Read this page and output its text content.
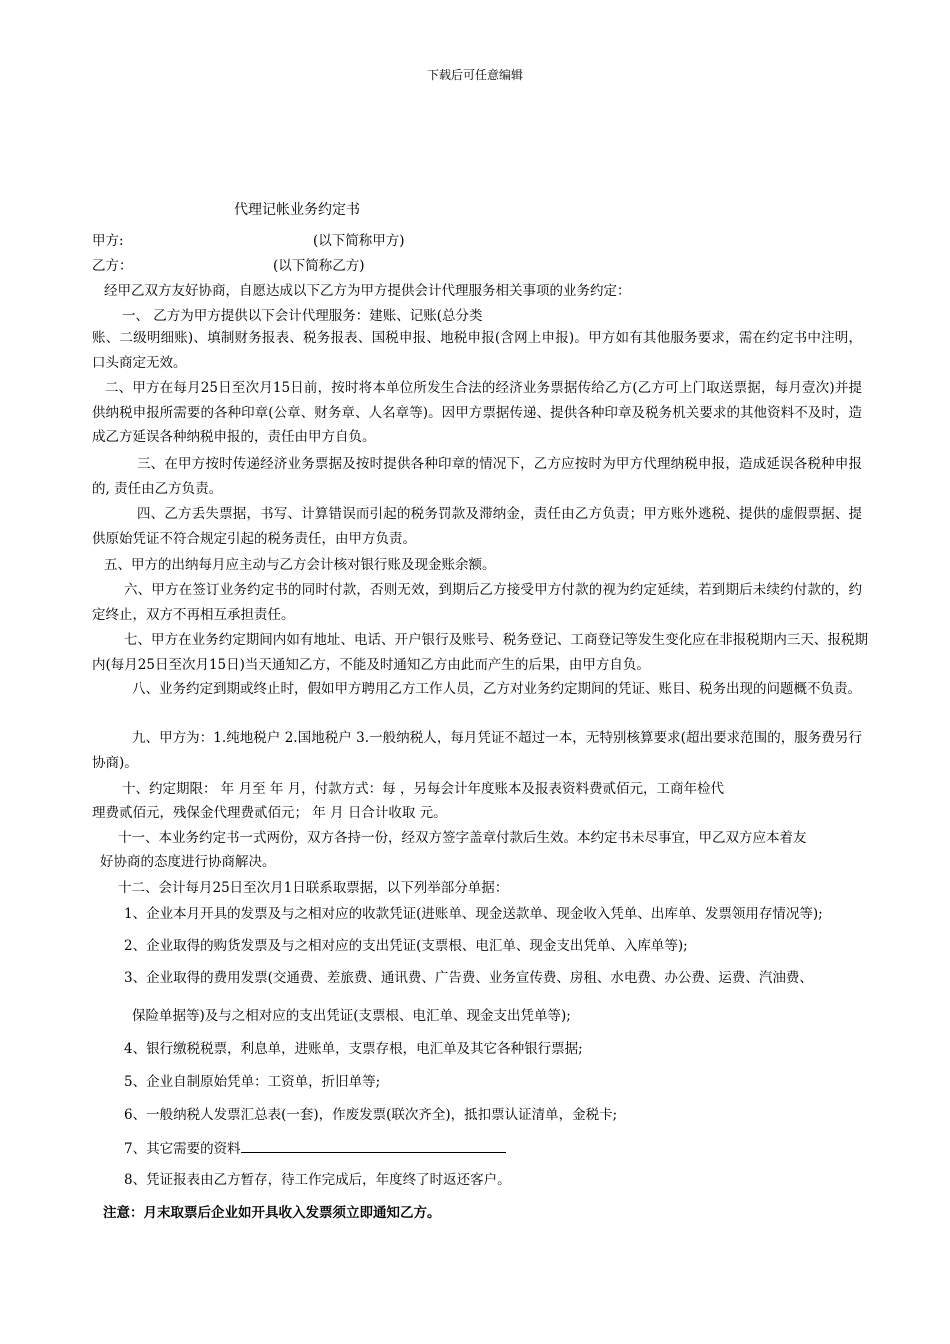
下载后可任意编辑
代理记帐业务约定书
甲方:	(以下简称甲方)
乙方：	(以下简称乙方)
经甲乙双方友好协商，自愿达成以下乙方为甲方提供会计代理服务相关事项的业务约定：
一、 乙方为甲方提供以下会计代理服务：建账、记账(总分类
账、二级明细账)、填制财务报表、税务报表、国税申报、地税申报(含网上申报)。甲方如有其他服务要求，需在约定书中注明，口头商定无效。
二、甲方在每月25日至次月15日前，按时将本单位所发生合法的经济业务票据传给乙方(乙方可上门取送票据，每月壹次)并提供纳税申报所需要的各种印章(公章、财务章、人名章等)。因甲方票据传递、提供各种印章及税务机关要求的其他资料不及时，造成乙方延误各种纳税申报的，责任由甲方自负。
三、在甲方按时传递经济业务票据及按时提供各种印章的情况下，乙方应按时为甲方代理纳税申报，造成延误各税种申报的, 责任由乙方负责。
四、乙方丢失票据，书写、计算错误而引起的税务罚款及滞纳金，责任由乙方负责；甲方账外逃税、提供的虚假票据、提供原始凭证不符合规定引起的税务责任，由甲方负责。
五、甲方的出纳每月应主动与乙方会计核对银行账及现金账余额。
六、甲方在签订业务约定书的同时付款，否则无效，到期后乙方接受甲方付款的视为约定延续，若到期后未续约付款的，约定终止，双方不再相互承担责任。
七、甲方在业务约定期间内如有地址、电话、开户银行及账号、税务登记、工商登记等发生变化应在非报税期内三天、报税期内(每月25日至次月15日)当天通知乙方，不能及时通知乙方由此而产生的后果，由甲方自负。
八、业务约定到期或终止时，假如甲方聘用乙方工作人员，乙方对业务约定期间的凭证、账目、税务出现的问题概不负责。
九、甲方为：1.纯地税户 2.国地税户 3.一般纳税人，每月凭证不超过一本，无特别核算要求(超出要求范围的，服务费另行协商)。
十、约定期限： 年 月至 年 月，付款方式：每 ，另每会计年度账本及报表资料费贰佰元，工商年检代
理费贰佰元，残保金代理费贰佰元； 年 月 日合计收取 元。
十一、本业务约定书一式两份，双方各持一份，经双方签字盖章付款后生效。本约定书未尽事宜，甲乙双方应本着友
好协商的态度进行协商解决。
十二、会计每月25日至次月1日联系取票据，以下列举部分单据：
1、企业本月开具的发票及与之相对应的收款凭证(进账单、现金送款单、现金收入凭单、出库单、发票领用存情况等);
2、企业取得的购货发票及与之相对应的支出凭证(支票根、电汇单、现金支出凭单、入库单等);
3、企业取得的费用发票(交通费、差旅费、通讯费、广告费、业务宣传费、房租、水电费、办公费、运费、汽油费、
保险单据等)及与之相对应的支出凭证(支票根、电汇单、现金支出凭单等);
4、银行缴税税票，利息单，进账单，支票存根，电汇单及其它各种银行票据;
5、企业自制原始凭单：工资单，折旧单等;
6、一般纳税人发票汇总表(一套)，作废发票(联次齐全)，抵扣票认证清单，金税卡;
7、其它需要的资料
8、凭证报表由乙方暂存，待工作完成后，年度终了时返还客户。
注意：月末取票后企业如开具收入发票须立即通知乙方。
